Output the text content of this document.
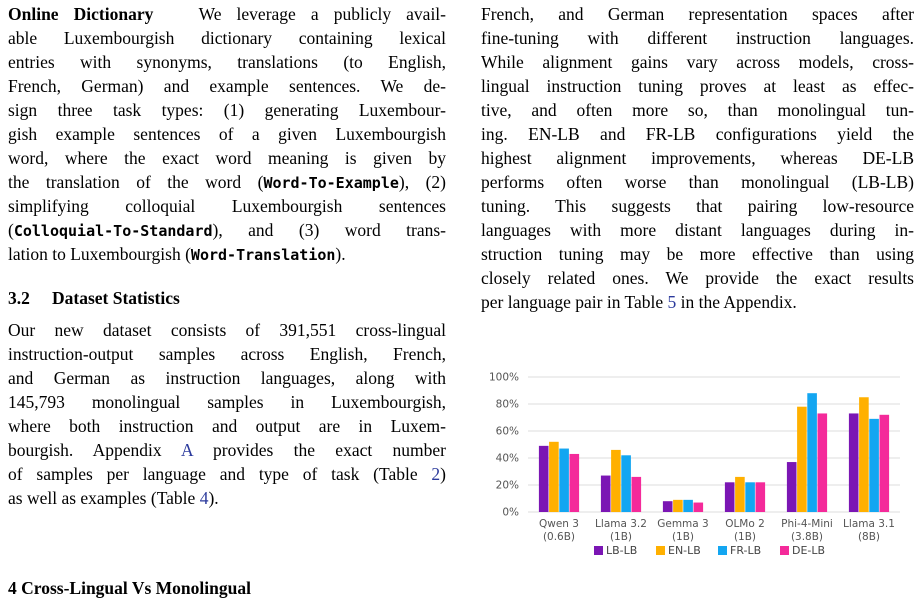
Online Dictionary	We leverage a publicly avail-
able Luxembourgish dictionary containing lexical
entries with synonyms, translations (to English,
French, German) and example sentences. We de-
sign three task types: (1) generating Luxembour-
gish example sentences of a given Luxembourgish
word, where the exact word meaning is given by
the translation of the word (Word-To-Example), (2)
simplifying colloquial Luxembourgish sentences
(Colloquial-To-Standard), and (3) word trans-
lation to Luxembourgish (Word-Translation).
3.2 Dataset Statistics
Our new dataset consists of 391,551 cross-lingual
instruction-output samples across English, French,
and German as instruction languages, along with
145,793 monolingual samples in Luxembourgish,
where both instruction and output are in Luxem-
bourgish. Appendix A provides the exact number
of samples per language and type of task (Table 2)
as well as examples (Table 4).
4 Cross-Lingual Vs Monolingual
French, and German representation spaces after
fine-tuning with different instruction languages.
While alignment gains vary across models, cross-
lingual instruction tuning proves at least as effec-
tive, and often more so, than monolingual tun-
ing. EN-LB and FR-LB configurations yield the
highest alignment improvements, whereas DE-LB
performs often worse than monolingual (LB-LB)
tuning. This suggests that pairing low-resource
languages with more distant languages during in-
struction tuning may be more effective than using
closely related ones. We provide the exact results
per language pair in Table 5 in the Appendix.
0%
20%
40%
60%
80%
100%
Qwen 3
(0.6B)
Llama 3.2
(1B)
Gemma 3
(1B)
OLMo 2
(1B)
Phi-4-Mini
(3.8B)
Llama 3.1
(8B)
LB-LB	EN-LB	FR-LB	DE-LB
